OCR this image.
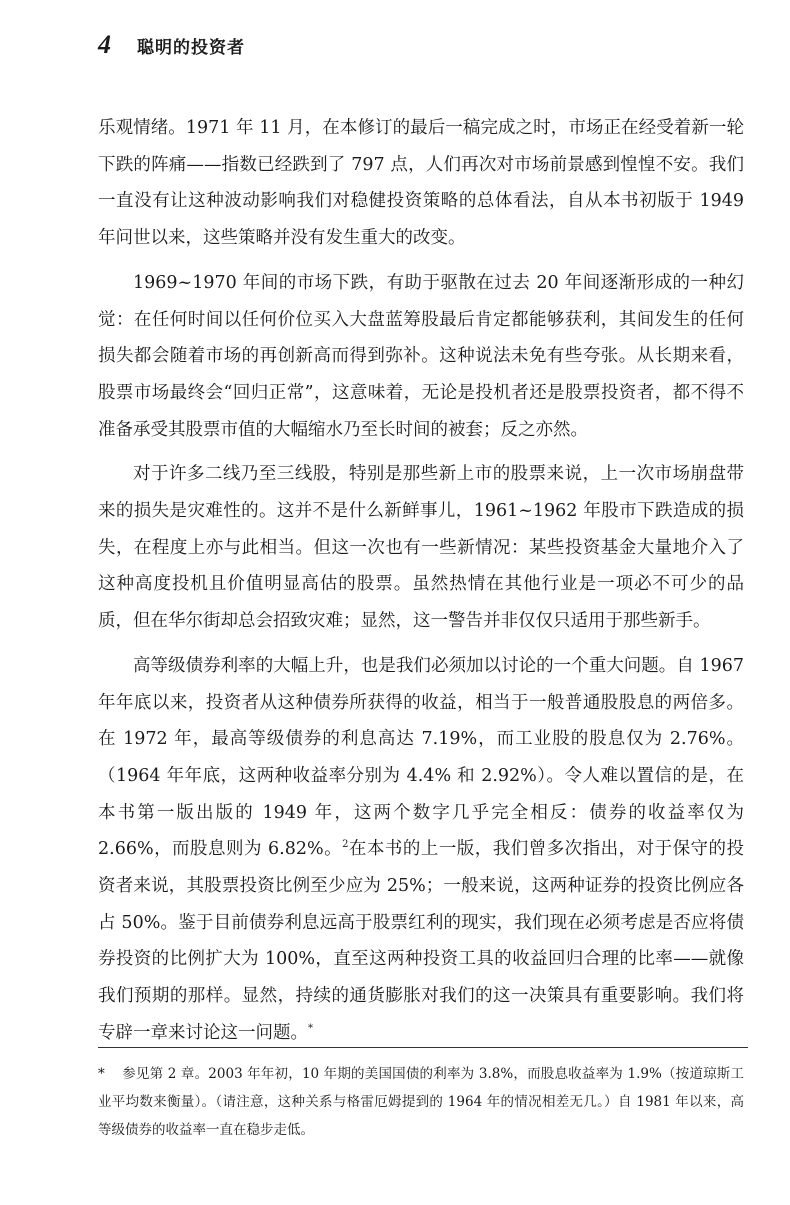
4 聪明的投资者

乐观情绪。1971 年 11 月，在本修订的最后一稿完成之时，市场正在经受着新一轮下跌的阵痛——指数已经跌到了 797 点，人们再次对市场前景感到惶惶不安。我们一直没有让这种波动影响我们对稳健投资策略的总体看法，自从本书初版于 1949 年问世以来，这些策略并没有发生重大的改变。

1969~1970 年间的市场下跌，有助于驱散在过去 20 年间逐渐形成的一种幻觉：在任何时间以任何价位买入大盘蓝筹股最后肯定都能够获利，其间发生的任何损失都会随着市场的再创新高而得到弥补。这种说法未免有些夸张。从长期来看，股票市场最终会“回归正常”，这意味着，无论是投机者还是股票投资者，都不得不准备承受其股票市值的大幅缩水乃至长时间的被套；反之亦然。

对于许多二线乃至三线股，特别是那些新上市的股票来说，上一次市场崩盘带来的损失是灾难性的。这并不是什么新鲜事儿，1961~1962 年股市下跌造成的损失，在程度上亦与此相当。但这一次也有一些新情况：某些投资基金大量地介入了这种高度投机且价值明显高估的股票。虽然热情在其他行业是一项必不可少的品质，但在华尔街却总会招致灾难；显然，这一警告并非仅仅只适用于那些新手。

高等级债券利率的大幅上升，也是我们必须加以讨论的一个重大问题。自 1967 年年底以来，投资者从这种债券所获得的收益，相当于一般普通股股息的两倍多。在 1972 年，最高等级债券的利息高达 7.19%，而工业股的股息仅为 2.76%。（1964 年年底，这两种收益率分别为 4.4% 和 2.92%）。令人难以置信的是，在本书第一版出版的 1949 年，这两个数字几乎完全相反：债券的收益率仅为 2.66%，而股息则为 6.82%。$^2$在本书的上一版，我们曾多次指出，对于保守的投资者来说，其股票投资比例至少应为 25%；一般来说，这两种证券的投资比例应各占 50%。鉴于目前债券利息远高于股票红利的现实，我们现在必须考虑是否应将债券投资的比例扩大为 100%，直至这两种投资工具的收益回归合理的比率——就像我们预期的那样。显然，持续的通货膨胀对我们的这一决策具有重要影响。我们将专辟一章来讨论这一问题。*

* 参见第 2 章。2003 年年初，10 年期的美国国债的利率为 3.8%，而股息收益率为 1.9%（按道琼斯工业平均数来衡量）。（请注意，这种关系与格雷厄姆提到的 1964 年的情况相差无几。）自 1981 年以来，高等级债券的收益率一直在稳步走低。
